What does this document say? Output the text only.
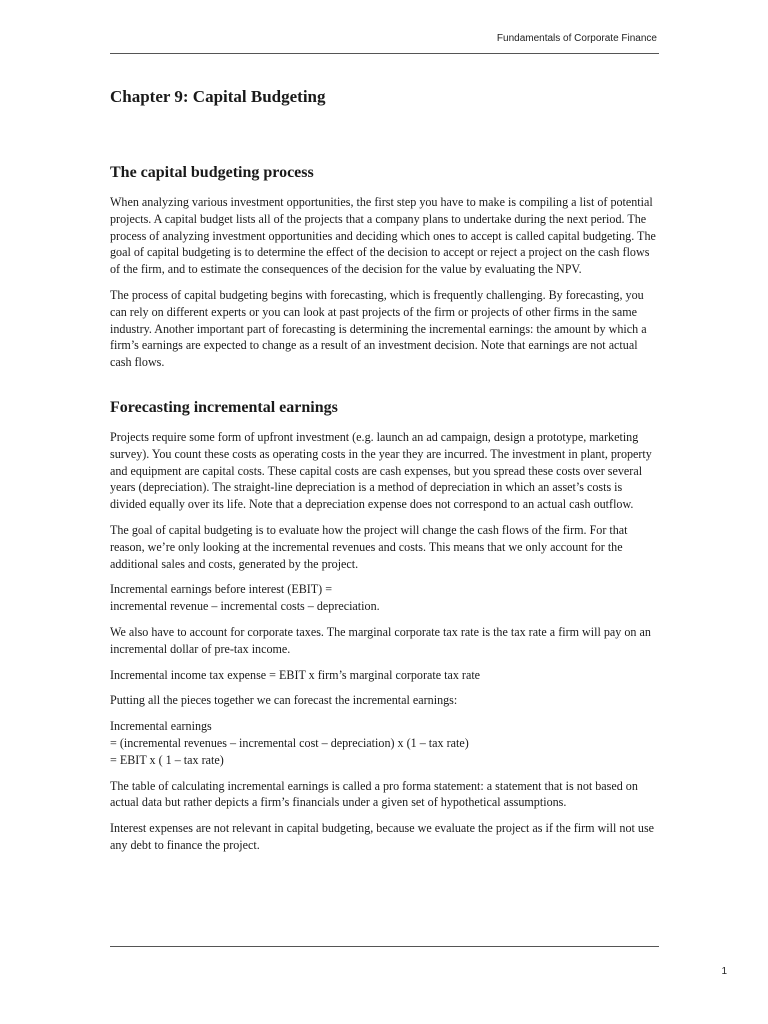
Fundamentals of Corporate Finance
Chapter 9: Capital Budgeting
The capital budgeting process

When analyzing various investment opportunities, the first step you have to make is compiling a list of potential projects. A capital budget lists all of the projects that a company plans to undertake during the next period. The process of analyzing investment opportunities and deciding which ones to accept is called capital budgeting. The goal of capital budgeting is to determine the effect of the decision to accept or reject a project on the cash flows of the firm, and to estimate the consequences of the decision for the value by evaluating the NPV.

The process of capital budgeting begins with forecasting, which is frequently challenging. By forecasting, you can rely on different experts or you can look at past projects of the firm or projects of other firms in the same industry. Another important part of forecasting is determining the incremental earnings: the amount by which a firm’s earnings are expected to change as a result of an investment decision. Note that earnings are not actual cash flows.

Forecasting incremental earnings

Projects require some form of upfront investment (e.g. launch an ad campaign, design a prototype, marketing survey). You count these costs as operating costs in the year they are incurred. The investment in plant, property and equipment are capital costs. These capital costs are cash expenses, but you spread these costs over several years (depreciation). The straight-line depreciation is a method of depreciation in which an asset’s costs is divided equally over its life. Note that a depreciation expense does not correspond to an actual cash outflow.

The goal of capital budgeting is to evaluate how the project will change the cash flows of the firm. For that reason, we’re only looking at the incremental revenues and costs. This means that we only account for the additional sales and costs, generated by the project.

Incremental earnings before interest (EBIT) =
incremental revenue – incremental costs – depreciation.

We also have to account for corporate taxes. The marginal corporate tax rate is the tax rate a firm will pay on an incremental dollar of pre-tax income.

Incremental income tax expense = EBIT x firm’s marginal corporate tax rate

Putting all the pieces together we can forecast the incremental earnings:

Incremental earnings
= (incremental revenues – incremental cost – depreciation) x (1 – tax rate)
= EBIT x ( 1 – tax rate)

The table of calculating incremental earnings is called a pro forma statement: a statement that is not based on actual data but rather depicts a firm’s financials under a given set of hypothetical assumptions.

Interest expenses are not relevant in capital budgeting, because we evaluate the project as if the firm will not use any debt to finance the project.

1
